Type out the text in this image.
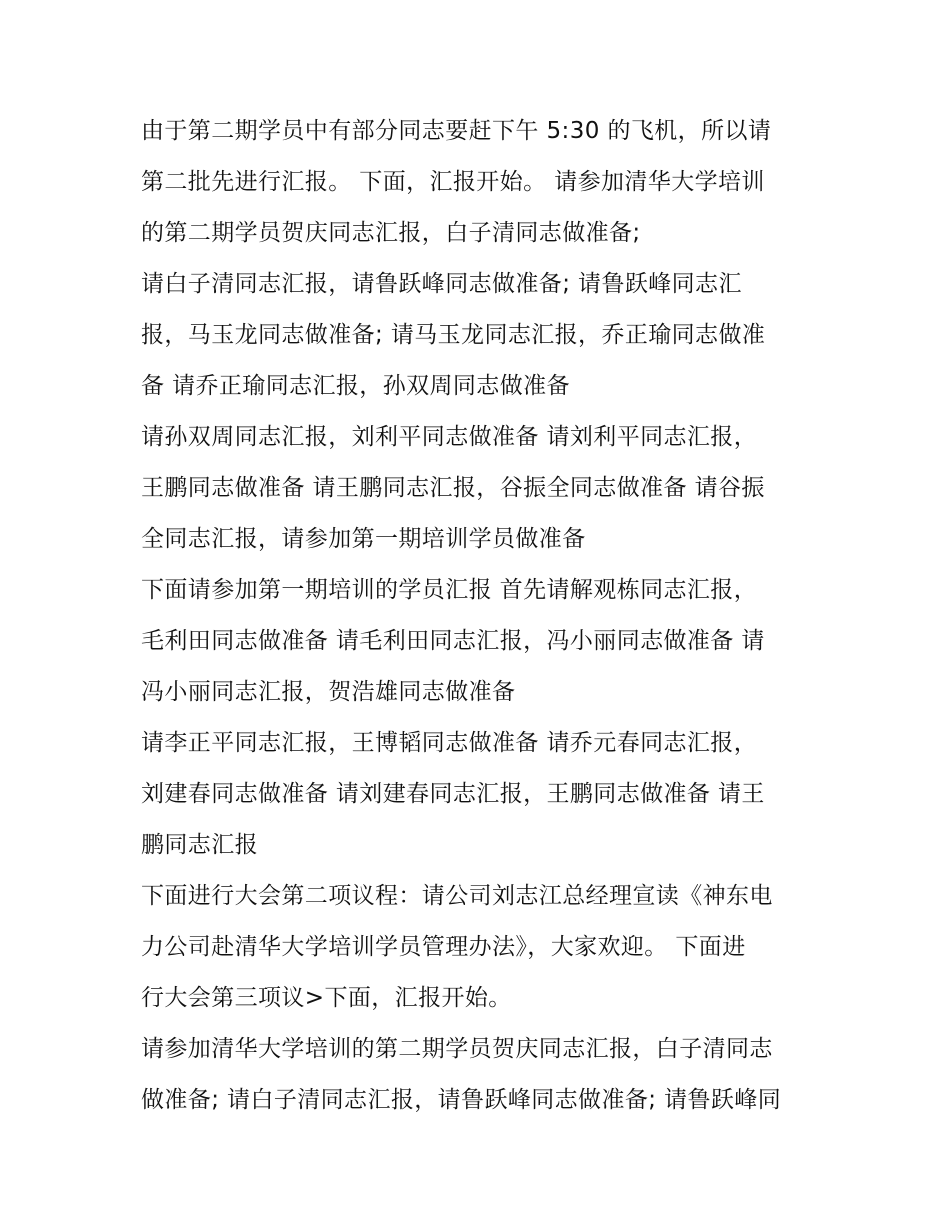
由于第二期学员中有部分同志要赶下午 5:30 的飞机，所以请
第二批先进行汇报。 下面，汇报开始。 请参加清华大学培训
的第二期学员贺庆同志汇报，白子清同志做准备;
请白子清同志汇报，请鲁跃峰同志做准备; 请鲁跃峰同志汇
报，马玉龙同志做准备; 请马玉龙同志汇报，乔正瑜同志做准
备 请乔正瑜同志汇报，孙双周同志做准备
请孙双周同志汇报，刘利平同志做准备 请刘利平同志汇报，
王鹏同志做准备 请王鹏同志汇报，谷振全同志做准备 请谷振
全同志汇报，请参加第一期培训学员做准备
下面请参加第一期培训的学员汇报 首先请解观栋同志汇报，
毛利田同志做准备 请毛利田同志汇报，冯小丽同志做准备 请
冯小丽同志汇报，贺浩雄同志做准备
请李正平同志汇报，王博韬同志做准备 请乔元春同志汇报，
刘建春同志做准备 请刘建春同志汇报，王鹏同志做准备 请王
鹏同志汇报
下面进行大会第二项议程：请公司刘志江总经理宣读《神东电
力公司赴清华大学培训学员管理办法》，大家欢迎。 下面进
行大会第三项议>下面，汇报开始。
请参加清华大学培训的第二期学员贺庆同志汇报，白子清同志
做准备; 请白子清同志汇报，请鲁跃峰同志做准备; 请鲁跃峰同
